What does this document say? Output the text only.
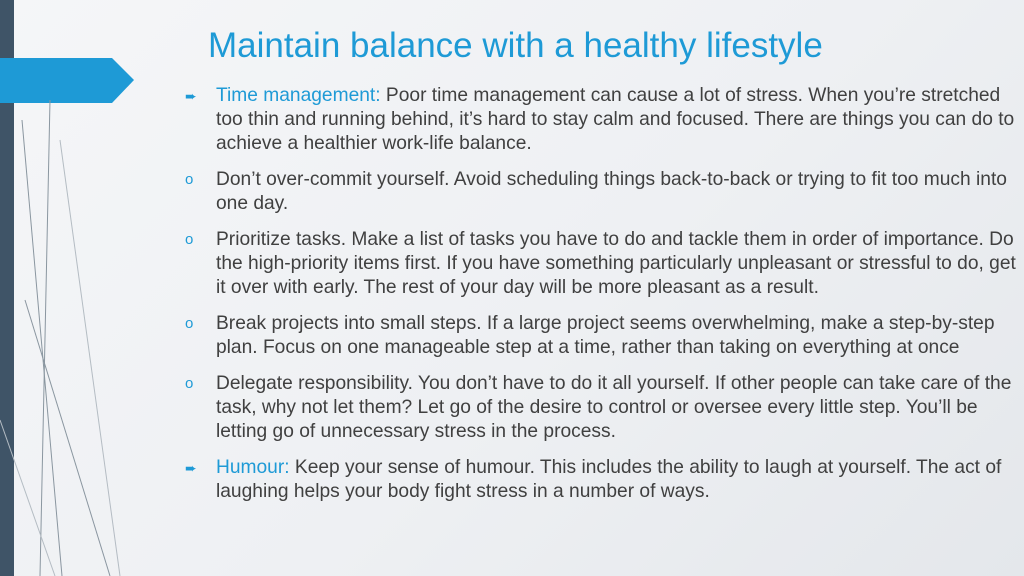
Maintain balance with a healthy lifestyle
➨ Time management: Poor time management can cause a lot of stress. When you’re stretched too thin and running behind, it’s hard to stay calm and focused. There are things you can do to achieve a healthier work-life balance.
o Don’t over-commit yourself. Avoid scheduling things back-to-back or trying to fit too much into one day.
o Prioritize tasks. Make a list of tasks you have to do and tackle them in order of importance. Do the high-priority items first. If you have something particularly unpleasant or stressful to do, get it over with early. The rest of your day will be more pleasant as a result.
o Break projects into small steps. If a large project seems overwhelming, make a step-by-step plan. Focus on one manageable step at a time, rather than taking on everything at once
o Delegate responsibility. You don’t have to do it all yourself. If other people can take care of the task, why not let them? Let go of the desire to control or oversee every little step. You’ll be letting go of unnecessary stress in the process.
➨ Humour: Keep your sense of humour. This includes the ability to laugh at yourself. The act of laughing helps your body fight stress in a number of ways.
